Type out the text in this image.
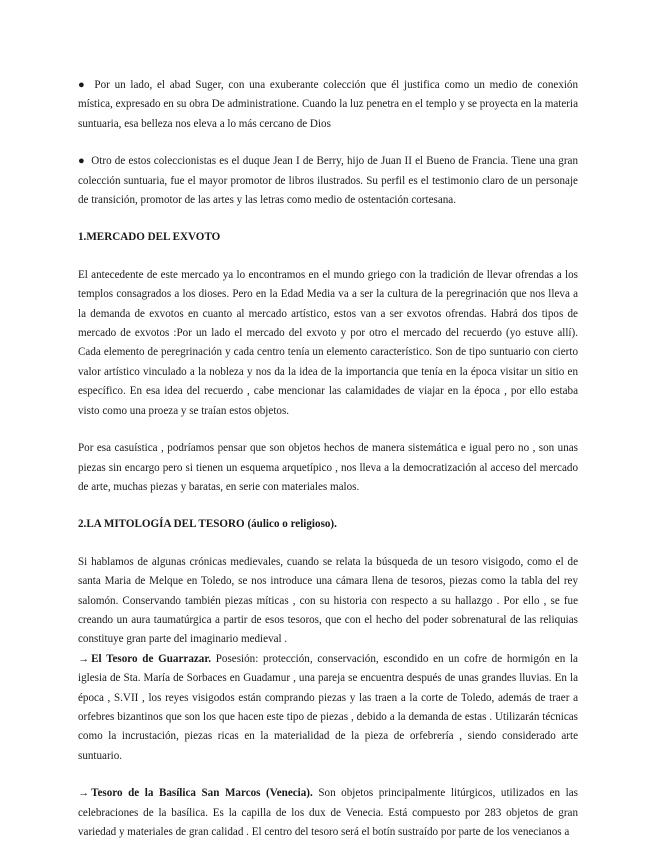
● Por un lado, el abad Suger, con una exuberante colección que él justifica como un medio de conexión mística, expresado en su obra De administratione. Cuando la luz penetra en el templo y se proyecta en la materia suntuaria, esa belleza nos eleva a lo más cercano de Dios

● Otro de estos coleccionistas es el duque Jean I de Berry, hijo de Juan II el Bueno de Francia. Tiene una gran colección suntuaria, fue el mayor promotor de libros ilustrados. Su perfil es el testimonio claro de un personaje de transición, promotor de las artes y las letras como medio de ostentación cortesana.

1.MERCADO DEL EXVOTO

El antecedente de este mercado ya lo encontramos en el mundo griego con la tradición de llevar ofrendas a los templos consagrados a los dioses. Pero en la Edad Media va a ser la cultura de la peregrinación que nos lleva a la demanda de exvotos en cuanto al mercado artístico, estos van a ser exvotos ofrendas. Habrá dos tipos de mercado de exvotos :Por un lado el mercado del exvoto y por otro el mercado del recuerdo (yo estuve allí). Cada elemento de peregrinación y cada centro tenía un elemento característico. Son de tipo suntuario con cierto valor artístico vinculado a la nobleza y nos da la idea de la importancia que tenía en la época visitar un sitio en específico. En esa idea del recuerdo , cabe mencionar las calamidades de viajar en la época , por ello estaba visto como una proeza y se traían estos objetos.

Por esa casuística , podríamos pensar que son objetos hechos de manera sistemática e igual pero no , son unas piezas sin encargo pero si tienen un esquema arquetípico , nos lleva a la democratización al acceso del mercado de arte, muchas piezas y baratas, en serie con materiales malos.

2.LA MITOLOGÍA DEL TESORO (áulico o religioso).

Si hablamos de algunas crónicas medievales, cuando se relata la búsqueda de un tesoro visigodo, como el de santa Maria de Melque en Toledo, se nos introduce una cámara llena de tesoros, piezas como la tabla del rey salomón. Conservando también piezas míticas , con su historia con respecto a su hallazgo . Por ello , se fue creando un aura taumatúrgica a partir de esos tesoros, que con el hecho del poder sobrenatural de las reliquias constituye gran parte del imaginario medieval .

→ El Tesoro de Guarrazar. Posesión: protección, conservación, escondido en un cofre de hormigón en la iglesia de Sta. María de Sorbaces en Guadamur , una pareja se encuentra después de unas grandes lluvias. En la época , S.VII , los reyes visigodos están comprando piezas y las traen a la corte de Toledo, además de traer a orfebres bizantinos que son los que hacen este tipo de piezas , debido a la demanda de estas . Utilizarán técnicas como la incrustación, piezas ricas en la materialidad de la pieza de orfebrería , siendo considerado arte suntuario.

→ Tesoro de la Basílica San Marcos (Venecia). Son objetos principalmente litúrgicos, utilizados en las celebraciones de la basílica. Es la capilla de los dux de Venecia. Está compuesto por 283 objetos de gran variedad y materiales de gran calidad . El centro del tesoro será el botín sustraído por parte de los venecianos a
